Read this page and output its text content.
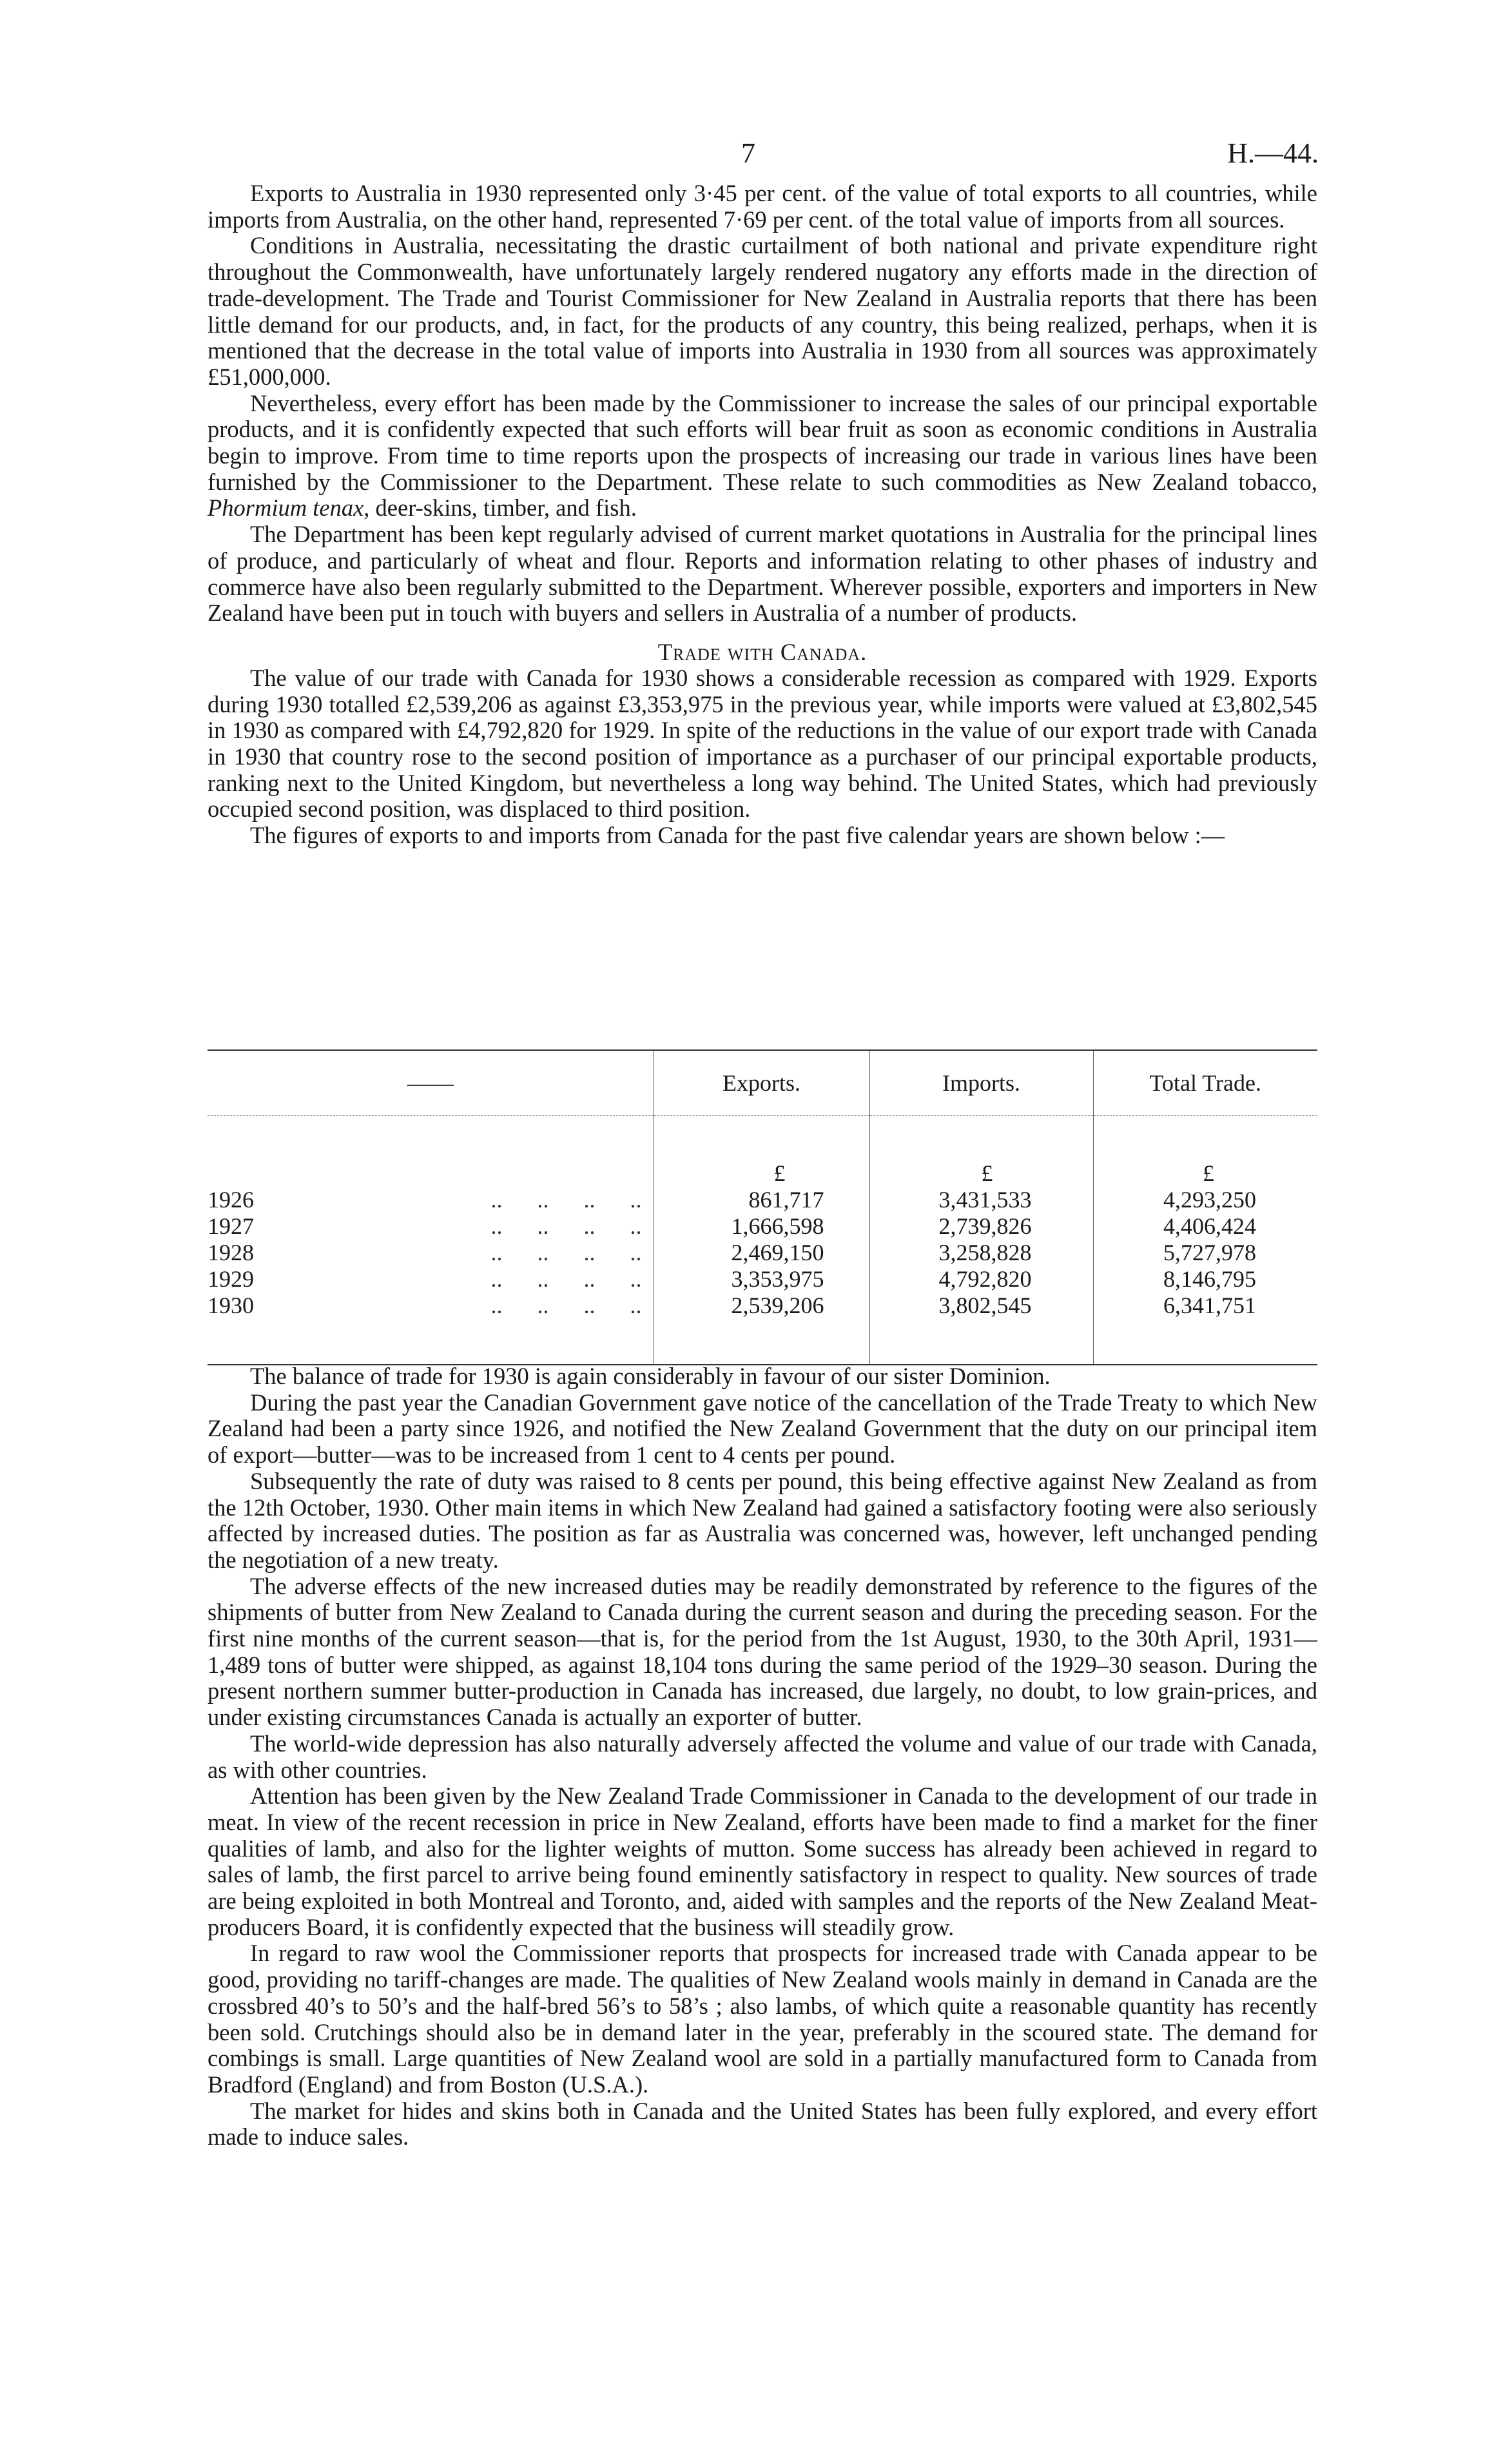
7	H.—44.

Exports to Australia in 1930 represented only 3·45 per cent. of the value of total exports to all countries, while imports from Australia, on the other hand, represented 7·69 per cent. of the total value of imports from all sources.

Conditions in Australia, necessitating the drastic curtailment of both national and private expenditure right throughout the Commonwealth, have unfortunately largely rendered nugatory any efforts made in the direction of trade-development. The Trade and Tourist Commissioner for New Zealand in Australia reports that there has been little demand for our products, and, in fact, for the products of any country, this being realized, perhaps, when it is mentioned that the decrease in the total value of imports into Australia in 1930 from all sources was approximately £51,000,000.

Nevertheless, every effort has been made by the Commissioner to increase the sales of our principal exportable products, and it is confidently expected that such efforts will bear fruit as soon as economic conditions in Australia begin to improve. From time to time reports upon the prospects of increasing our trade in various lines have been furnished by the Commissioner to the Department. These relate to such commodities as New Zealand tobacco, Phormium tenax, deer-skins, timber, and fish.

The Department has been kept regularly advised of current market quotations in Australia for the principal lines of produce, and particularly of wheat and flour. Reports and information relating to other phases of industry and commerce have also been regularly submitted to the Department. Wherever possible, exporters and importers in New Zealand have been put in touch with buyers and sellers in Australia of a number of products.

Trade with Canada.

The value of our trade with Canada for 1930 shows a considerable recession as compared with 1929. Exports during 1930 totalled £2,539,206 as against £3,353,975 in the previous year, while imports were valued at £3,802,545 in 1930 as compared with £4,792,820 for 1929. In spite of the reductions in the value of our export trade with Canada in 1930 that country rose to the second position of importance as a purchaser of our principal exportable products, ranking next to the United Kingdom, but nevertheless a long way behind. The United States, which had previously occupied second position, was displaced to third position.

The figures of exports to and imports from Canada for the past five calendar years are shown below :—

——	Exports.	Imports.	Total Trade.
	£	£	£
1926 ..      ..      ..      ..	861,717	3,431,533	4,293,250
1927 ..      ..      ..      ..	1,666,598	2,739,826	4,406,424
1928 ..      ..      ..      ..	2,469,150	3,258,828	5,727,978
1929 ..      ..      ..      ..	3,353,975	4,792,820	8,146,795
1930 ..      ..      ..      ..	2,539,206	3,802,545	6,341,751

The balance of trade for 1930 is again considerably in favour of our sister Dominion.

During the past year the Canadian Government gave notice of the cancellation of the Trade Treaty to which New Zealand had been a party since 1926, and notified the New Zealand Government that the duty on our principal item of export—butter—was to be increased from 1 cent to 4 cents per pound.

Subsequently the rate of duty was raised to 8 cents per pound, this being effective against New Zealand as from the 12th October, 1930. Other main items in which New Zealand had gained a satisfactory footing were also seriously affected by increased duties. The position as far as Australia was concerned was, however, left unchanged pending the negotiation of a new treaty.

The adverse effects of the new increased duties may be readily demonstrated by reference to the figures of the shipments of butter from New Zealand to Canada during the current season and during the preceding season. For the first nine months of the current season—that is, for the period from the 1st August, 1930, to the 30th April, 1931—1,489 tons of butter were shipped, as against 18,104 tons during the same period of the 1929–30 season. During the present northern summer butter-production in Canada has increased, due largely, no doubt, to low grain-prices, and under existing circumstances Canada is actually an exporter of butter.

The world-wide depression has also naturally adversely affected the volume and value of our trade with Canada, as with other countries.

Attention has been given by the New Zealand Trade Commissioner in Canada to the development of our trade in meat. In view of the recent recession in price in New Zealand, efforts have been made to find a market for the finer qualities of lamb, and also for the lighter weights of mutton. Some success has already been achieved in regard to sales of lamb, the first parcel to arrive being found eminently satisfactory in respect to quality. New sources of trade are being exploited in both Montreal and Toronto, and, aided with samples and the reports of the New Zealand Meat-producers Board, it is confidently expected that the business will steadily grow.

In regard to raw wool the Commissioner reports that prospects for increased trade with Canada appear to be good, providing no tariff-changes are made. The qualities of New Zealand wools mainly in demand in Canada are the crossbred 40’s to 50’s and the half-bred 56’s to 58’s ; also lambs, of which quite a reasonable quantity has recently been sold. Crutchings should also be in demand later in the year, preferably in the scoured state. The demand for combings is small. Large quantities of New Zealand wool are sold in a partially manufactured form to Canada from Bradford (England) and from Boston (U.S.A.).

The market for hides and skins both in Canada and the United States has been fully explored, and every effort made to induce sales.
